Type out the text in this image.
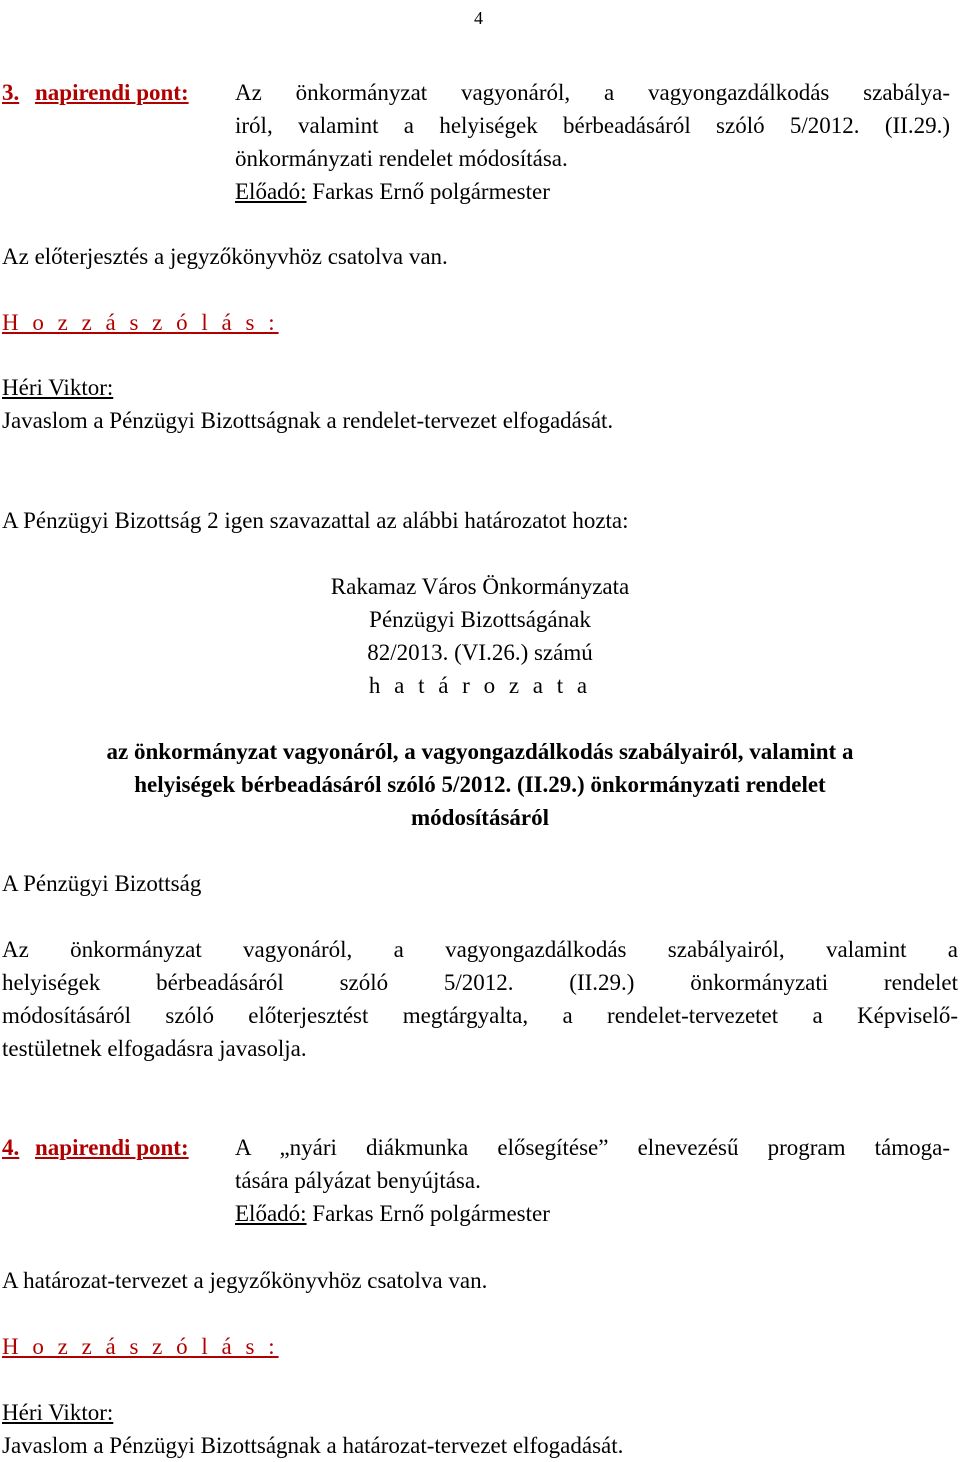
4
3. napirendi pont: Az önkormányzat vagyonáról, a vagyongazdálkodás szabálya-
iról, valamint a helyiségek bérbeadásáról szóló 5/2012. (II.29.)
önkormányzati rendelet módosítása.
Előadó: Farkas Ernő polgármester
Az előterjesztés a jegyzőkönyvhöz csatolva van.
H o z z á s z ó l á s :
Héri Viktor:
Javaslom a Pénzügyi Bizottságnak a rendelet-tervezet elfogadását.
A Pénzügyi Bizottság 2 igen szavazattal az alábbi határozatot hozta:
Rakamaz Város Önkormányzata
Pénzügyi Bizottságának
82/2013. (VI.26.) számú
h a t á r o z a t a
az önkormányzat vagyonáról, a vagyongazdálkodás szabályairól, valamint a
helyiségek bérbeadásáról szóló 5/2012. (II.29.) önkormányzati rendelet
módosításáról
A Pénzügyi Bizottság
Az önkormányzat vagyonáról, a vagyongazdálkodás szabályairól, valamint a
helyiségek bérbeadásáról szóló 5/2012. (II.29.) önkormányzati rendelet
módosításáról szóló előterjesztést megtárgyalta, a rendelet-tervezetet a Képviselő-
testületnek elfogadásra javasolja.
4. napirendi pont: A „nyári diákmunka elősegítése” elnevezésű program támoga-
tására pályázat benyújtása.
Előadó: Farkas Ernő polgármester
A határozat-tervezet a jegyzőkönyvhöz csatolva van.
H o z z á s z ó l á s :
Héri Viktor:
Javaslom a Pénzügyi Bizottságnak a határozat-tervezet elfogadását.
